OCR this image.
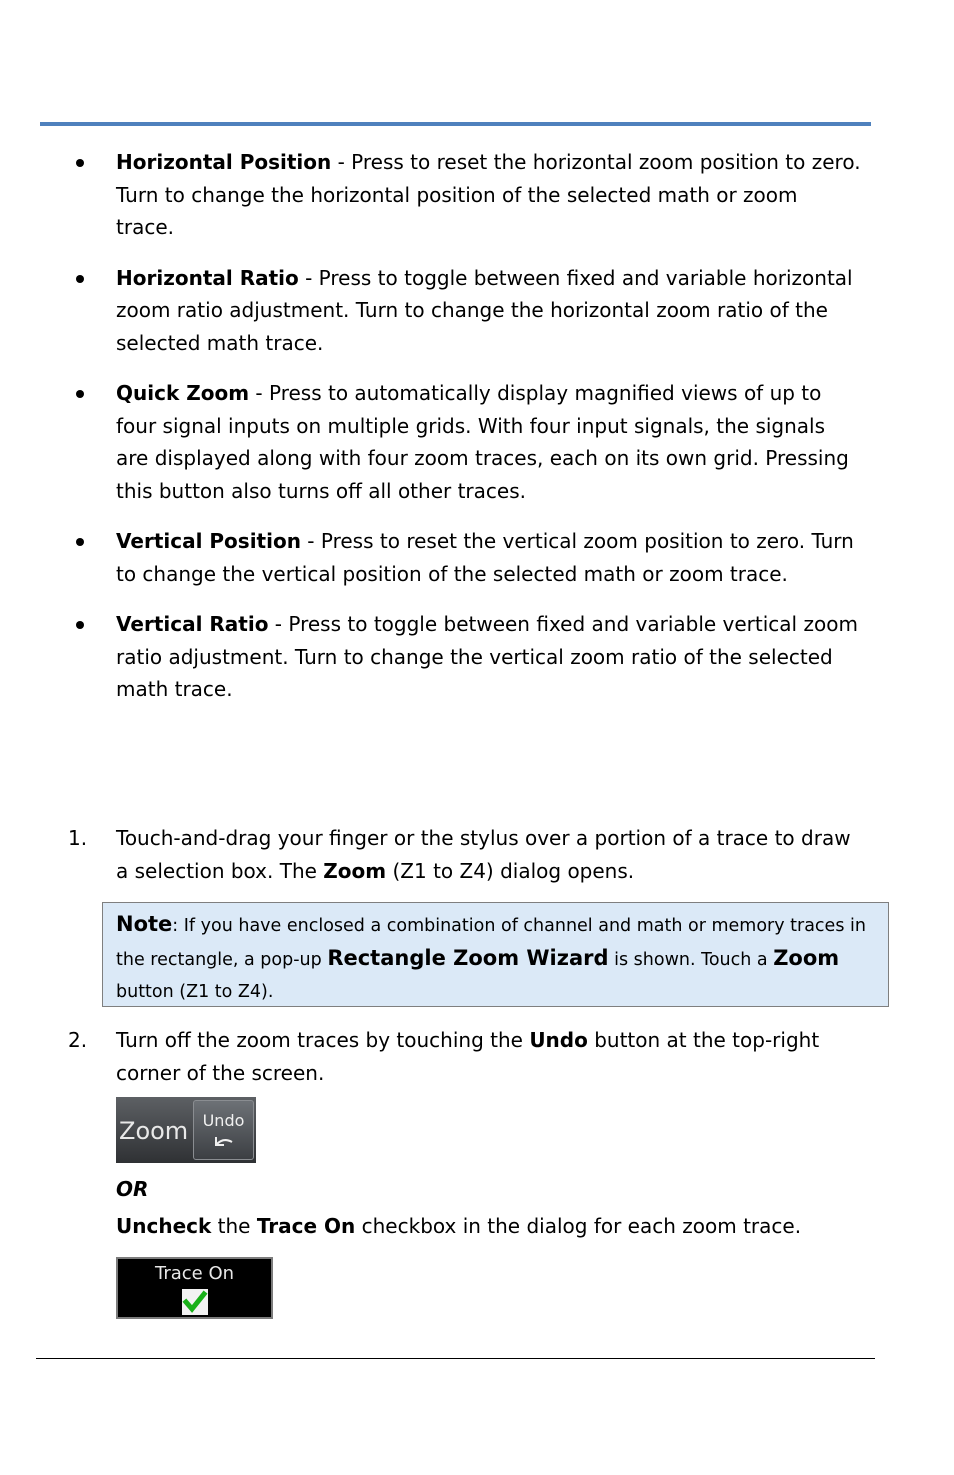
Horizontal Position - Press to reset the horizontal zoom position to zero. Turn to change the horizontal position of the selected math or zoom trace.
Horizontal Ratio - Press to toggle between fixed and variable horizontal zoom ratio adjustment. Turn to change the horizontal zoom ratio of the selected math trace.
Quick Zoom - Press to automatically display magnified views of up to four signal inputs on multiple grids. With four input signals, the signals are displayed along with four zoom traces, each on its own grid. Pressing this button also turns off all other traces.
Vertical Position - Press to reset the vertical zoom position to zero. Turn to change the vertical position of the selected math or zoom trace.
Vertical Ratio - Press to toggle between fixed and variable vertical zoom ratio adjustment. Turn to change the vertical zoom ratio of the selected math trace.
1. Touch-and-drag your finger or the stylus over a portion of a trace to draw a selection box. The Zoom (Z1 to Z4) dialog opens.
Note: If you have enclosed a combination of channel and math or memory traces in the rectangle, a pop-up Rectangle Zoom Wizard is shown. Touch a Zoom button (Z1 to Z4).
2. Turn off the zoom traces by touching the Undo button at the top-right corner of the screen.
Zoom Undo
OR
Uncheck the Trace On checkbox in the dialog for each zoom trace.
Trace On
